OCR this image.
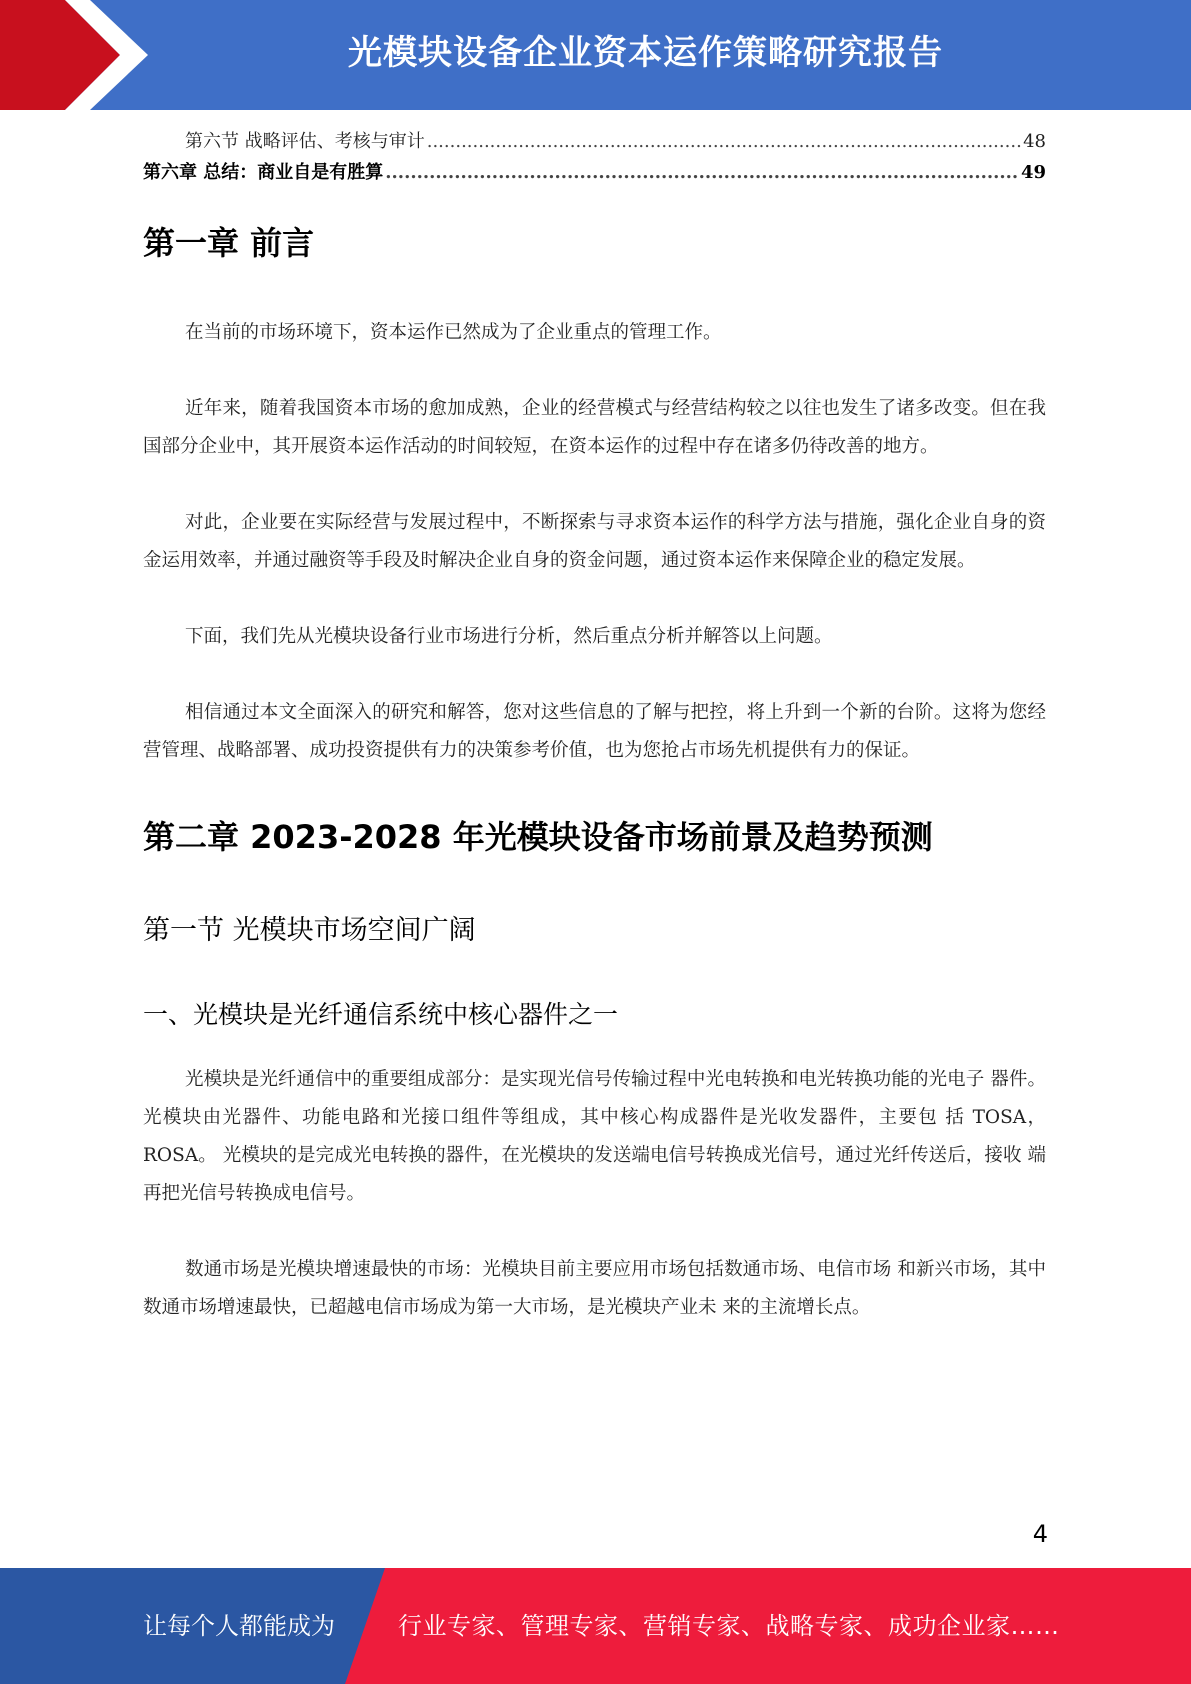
光模块设备企业资本运作策略研究报告
第六节 战略评估、考核与审计 .....	48
第六章 总结：商业自是有胜算 .....	49
第一章 前言

在当前的市场环境下，资本运作已然成为了企业重点的管理工作。

近年来，随着我国资本市场的愈加成熟，企业的经营模式与经营结构较之以往也发生了诸多改变。但在我国部分企业中，其开展资本运作活动的时间较短，在资本运作的过程中存在诸多仍待改善的地方。

对此，企业要在实际经营与发展过程中，不断探索与寻求资本运作的科学方法与措施，强化企业自身的资金运用效率，并通过融资等手段及时解决企业自身的资金问题，通过资本运作来保障企业的稳定发展。

下面，我们先从光模块设备行业市场进行分析，然后重点分析并解答以上问题。

相信通过本文全面深入的研究和解答，您对这些信息的了解与把控，将上升到一个新的台阶。这将为您经营管理、战略部署、成功投资提供有力的决策参考价值，也为您抢占市场先机提供有力的保证。

第二章 2023-2028 年光模块设备市场前景及趋势预测
第一节 光模块市场空间广阔
一、光模块是光纤通信系统中核心器件之一

光模块是光纤通信中的重要组成部分：是实现光信号传输过程中光电转换和电光转换功能的光电子 器件。光模块由光器件、功能电路和光接口组件等组成，其中核心构成器件是光收发器件，主要包 括 TOSA，ROSA。 光模块的是完成光电转换的器件，在光模块的发送端电信号转换成光信号，通过光纤传送后，接收 端再把光信号转换成电信号。

数通市场是光模块增速最快的市场：光模块目前主要应用市场包括数通市场、电信市场 和新兴市场，其中数通市场增速最快，已超越电信市场成为第一大市场，是光模块产业未 来的主流增长点。

4
让每个人都能成为	行业专家、管理专家、营销专家、战略专家、成功企业家……
